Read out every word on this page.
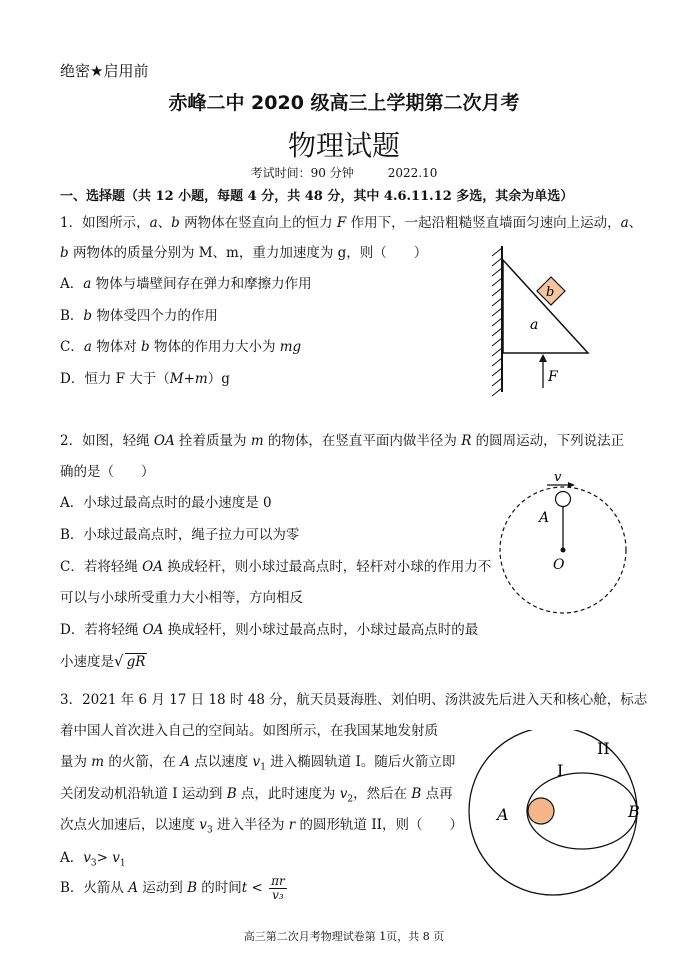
绝密★启用前
赤峰二中 2020 级高三上学期第二次月考
物理试题
考试时间：90 分钟	2022.10
一、选择题（共 12 小题，每题 4 分，共 48 分，其中 4.6.11.12 多选，其余为单选）
1．如图所示，a、b 两物体在竖直向上的恒力 F 作用下，一起沿粗糙竖直墙面匀速向上运动，a、
b 两物体的质量分别为 M、m，重力加速度为 g，则（　　）
A．a 物体与墙壁间存在弹力和摩擦力作用
B．b 物体受四个力的作用
C．a 物体对 b 物体的作用力大小为 mg
D．恒力 F 大于（M+m）g
b
a
F
2．如图，轻绳 OA 拴着质量为 m 的物体，在竖直平面内做半径为 R 的圆周运动，下列说法正
确的是（　　）
A．小球过最高点时的最小速度是 0
B．小球过最高点时，绳子拉力可以为零
C．若将轻绳 OA 换成轻杆，则小球过最高点时，轻杆对小球的作用力不
可以与小球所受重力大小相等，方向相反
D．若将轻绳 OA 换成轻杆，则小球过最高点时，小球过最高点时的最
小速度是√ gR
v
A
O
3．2021 年 6 月 17 日 18 时 48 分，航天员聂海胜、刘伯明、汤洪波先后进入天和核心舱，标志
着中国人首次进入自己的空间站。如图所示，在我国某地发射质
量为 m 的火箭，在 A 点以速度 $v_1$ 进入椭圆轨道 I。随后火箭立即
关闭发动机沿轨道 I 运动到 B 点，此时速度为 $v_2$，然后在 B 点再
次点火加速后，以速度 $v_3$ 进入半径为 r 的圆形轨道 II，则（　　）
A．$v_3> v_1$
B．火箭从 A 运动到 B 的时间$t < \frac{\pi r}{\text{v₃}}$
II
I
A	B
高三第二次月考物理试卷第 1页，共 8 页
